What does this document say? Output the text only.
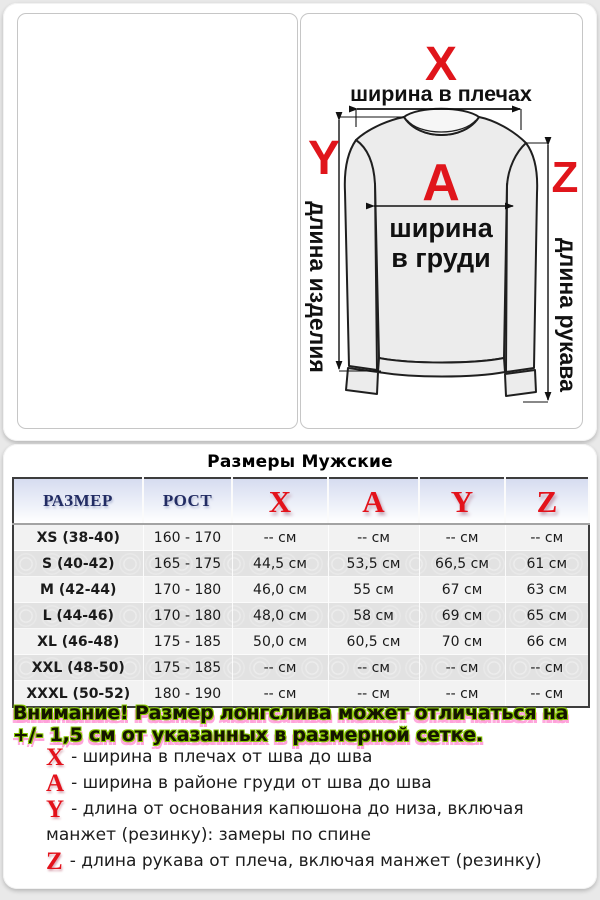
X
ширина в плечах
A
ширина
в груди
Y
длина изделия
Z
длина рукава
Размеры Мужские
РАЗМЕР	РОСТ	X	A	Y	Z
XS (38-40)	160 - 170	-- см	-- см	-- см	-- см
S (40-42)	165 - 175	44,5 см	53,5 см	66,5 см	61 см
M (42-44)	170 - 180	46,0 см	55 см	67 см	63 см
L (44-46)	170 - 180	48,0 см	58 см	69 см	65 см
XL (46-48)	175 - 185	50,0 см	60,5 см	70 см	66 см
XXL (48-50)	175 - 185	-- см	-- см	-- см	-- см
XXXL (50-52)	180 - 190	-- см	-- см	-- см	-- см
Внимание! Размер лонгслива может отличаться на +/- 1,5 см от указанных в размерной сетке.
X - ширина в плечах от шва до шва
A - ширина в районе груди от шва до шва
Y - длина от основания капюшона до низа, включая манжет (резинку): замеры по спине
Z - длина рукава от плеча, включая манжет (резинку)
